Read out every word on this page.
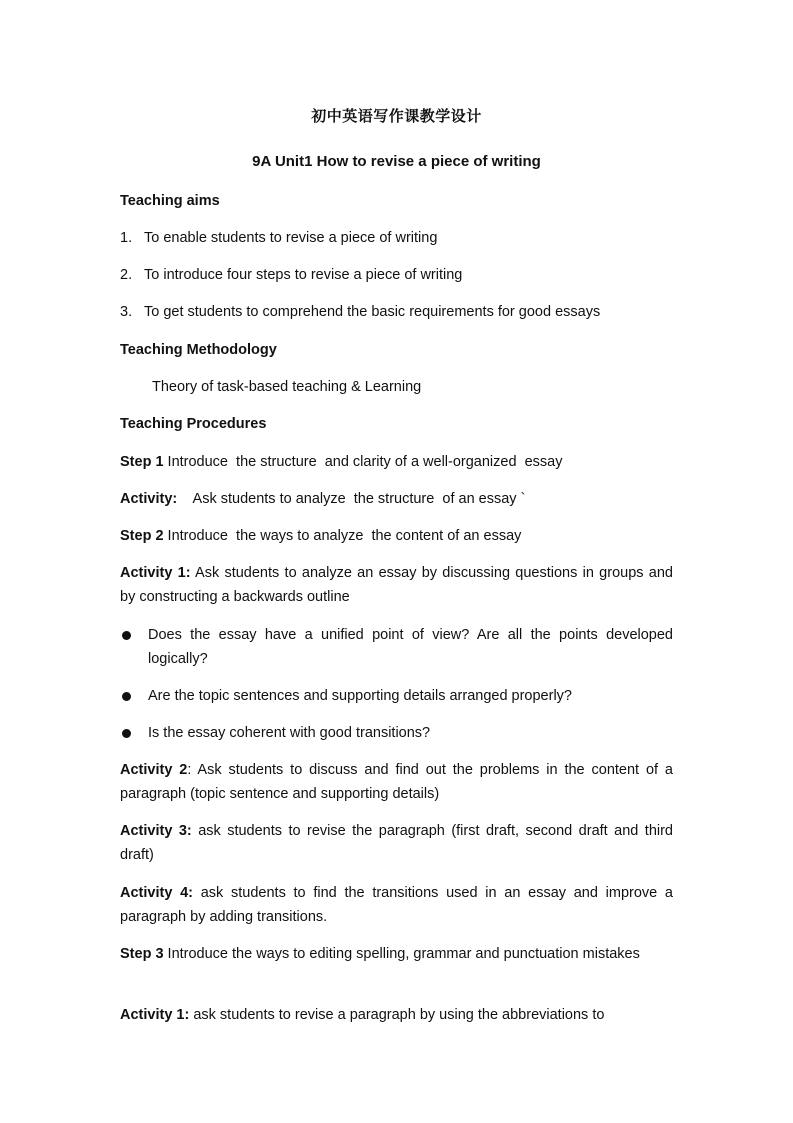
初中英语写作课教学设计
9A Unit1 How to revise a piece of writing
Teaching aims
1. To enable students to revise a piece of writing
2. To introduce four steps to revise a piece of writing
3. To get students to comprehend the basic requirements for good essays
Teaching Methodology
Theory of task-based teaching & Learning
Teaching Procedures
Step 1 Introduce  the structure  and clarity of a well-organized  essay
Activity:    Ask students to analyze  the structure  of an essay `
Step 2 Introduce  the ways to analyze  the content of an essay
Activity 1: Ask students to analyze an essay by discussing questions in groups and by constructing a backwards outline
Does the essay have a unified point of view? Are all the points developed logically?
Are the topic sentences and supporting details arranged properly?
Is the essay coherent with good transitions?
Activity 2: Ask students to discuss and find out the problems in the content of a paragraph (topic sentence and supporting details)
Activity 3: ask students to revise the paragraph (first draft, second draft and third draft)
Activity 4: ask students to find the transitions used in an essay and improve a paragraph by adding transitions.
Step 3 Introduce the ways to editing spelling, grammar and punctuation mistakes
Activity 1: ask students to revise a paragraph by using the abbreviations to
